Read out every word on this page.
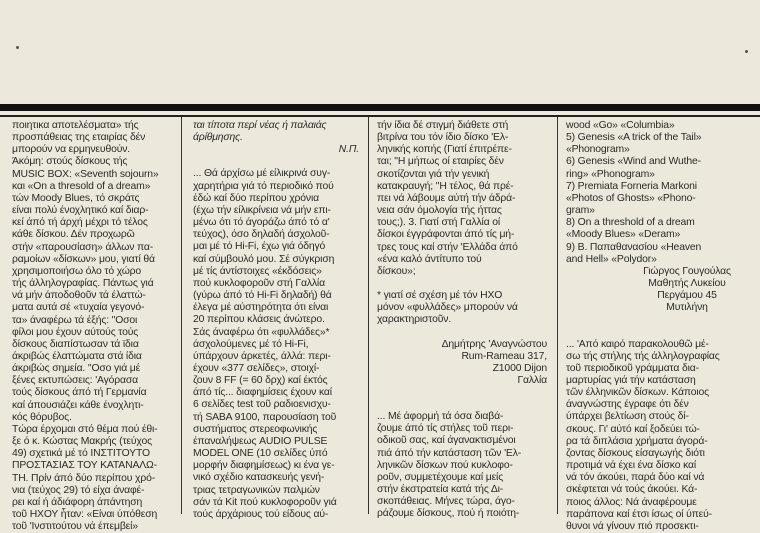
ποιητικα αποτελέσματα» τής

προσπάθειας της εταιρίας δέν

μπορούν να ερμηνευθούν.

Άκόμη: στούς δίσκους τής

MUSIC BOX: «Seventh sojourn»

και «On a thresold of a dream»

τών Moody Blues, τό σκράτς

είναι πολύ ένοχλητικό καί διαρ-

κεί άπό τή άρχή μέχρι τό τέλος

κάθε δίσκου. Δέν προχωρῶ

στήν «παρουσίαση» άλλων πα-

ραμοίων «δίσκων» μου, γιατί θά

χρησιμοποιήσω όλο τό χώρο

τής άλληλογραφίας. Πάντως γιά

νά μήν άποδοθοῦν τά έλαττώ-

ματα αυτά σέ «τυχαία γεγονό-

τα» άναφέρω τά έξής: "Οσοι

φίλοι μου έχουν αύτούς τούς

δίσκους διαπίστωσαν τά ϊδια

άκριβώς έλαττώματα στά ίδια

άκριβώς σημεία. "Οσο γιά μέ

ξένες εκτυπώσεις: 'Αγόρασα

τούς δίσκους άπό τή Γερμανία

καί άπουσιάζει κάθε ένοχλητι-

κός θόρυβος.

Τώρα έρχομαι στό θέμα πού έθι-

ξε ό κ. Κώστας Μακρής (τεύχος

49) σχετικά μέ τό ΙΝΣΤΙΤΟΥΤΟ

ΠΡΟΣΤΑΣΙΑΣ ΤΟΥ ΚΑΤΑΝΑΛΩ-

ΤΗ. Πρίν άπό δύο περίπου χρό-

νια (τεύχος 29) τό είχα άναφέ-

ρει καί ή άδιάφορη άπάντηση

τοῦ ΗΧΟΥ ἦταν: «Είναι ύπόθεση

τοῦ 'Ινστιτούτου νά έπεμβεί»

ται τίποτα περί νέας ή παλαιάς

άρίθμησης.

Ν.Π.

... Θά άρχίσω μέ είλικρινά συγ-

χαρητήρια γιά τό περιοδικό πού

έδώ καί δύο περίπου χρόνια

(έχω τήν είλικρίνεια νά μήν επι-

μένω ότι τό άγοράζω άπό τό α'

τεύχος), όσο δηλαδή άσχολοῦ-

μαι μέ τό Hi-Fi, έχω γιά όδηγό

καί σύμβουλό μου. Σέ σύγκριση

μέ τίς άντίστοιχες «έκδόσεις»

πού κυκλοφοροῦν στή Γαλλία

(γύρω άπό τό Hi-Fi δηλαδή) θά

έλεγα μέ αύστηρότητα ότι είναι

20 περίπου κλάσεις άνώτερο.

Σάς άναφέρω ότι «φυλλάδες»*

άσχολούμενες μέ τό Hi-Fi,

ύπάρχουν άρκετές, άλλά: περι-

έχουν «377 σελίδες», στοιχί-

ζουν 8 FF (= 60 δρχ) καί έκτός

άπό τίς... διαφημίσεις έχουν καί

6 σελίδες test τοῦ ραδιοενισχυ-

τή SABA 9100, παρουσίαση τοῦ

συστήματος στερεοφωνικής

έπαναλήψεως AUDIO PULSE

MODEL ONE (10 σελίδες ύπό

μορφήν διαφημίσεως) κι ένα γε-

νικό σχέδιο κατασκευής γενή-

τριας τετραγωνικών παλμών

σάν τά Kit πού κυκλοφοροῦν γιά

τούς άρχάριους τού είδους αύ-

τήν ίδια δέ στιγμή διάθετε στή

βιτρίνα του τόν ίδιο δίσκο 'Ελ-

ληνικής κοπής (Γιατί έπιτρέπε-

ται; "Η μήπως οί εταιρίες δέν

σκοτίζονται γιά τήν γενική

κατακραυγή; "Η τέλος, θά πρέ-

πει νά λάβουμε αύτή τήν άδρά-

νεια σάν όμολογία τής ήττας

τους;). 3. Γιατί στή Γαλλία οί

δίσκοι έγγράφονται άπό τίς μή-

τρες τους καί στήν 'Ελλάδα άπό

«ένα καλό άντίτυπο τού

δίσκου»;

* γιατί σέ σχέση μέ τόν ΗΧΟ

μόνον «φυλλάδες» μπορούν νά

χαρακτηριστοῦν.

Δημήτρης 'Αναγνώστου

Rum-Rameau 317,

Z1000 Dijon

Γαλλία

... Μέ άφορμή τά όσα διαβά-

ζουμε άπό τίς στήλες τοῦ περι-

οδικοῦ σας, καί άγανακτισμένοι

πιά άπό τήν κατάσταση τῶν 'Ελ-

ληνικῶν δίσκων πού κυκλοφο-

ροῦν, συμμετέχουμε καί μείς

στήν έκστρατεία κατά τής Δι-

σκοπάθειας. Μήνες τώρα, άγο-

ράζουμε δίσκους, πού ή ποιότη-

wood «Go» «Columbia»

5) Genesis «A trick of the Tail»

«Phonogram»

6) Genesis «Wind and Wuthe-

ring» «Phonogram»

7) Premiata Forneria Markoni

«Photos of Ghosts» «Phono-

gram»

8) On a threshold of a dream

«Moody Blues» «Deram»

9) B. Παπαθανασίου «Heaven

and Hell» «Polydor»

Γιώργος Γουγούλας

Μαθητής Λυκείου

Περγάμου 45

Μυτιλήνη

... 'Από καιρό παρακολουθῶ μέ-

σω τής στήλης τής άλληλογραφίας

τοῦ περιοδικοῦ γράμματα δια-

μαρτυρίας γιά τήν κατάσταση

τῶν έλληνικῶν δίσκων. Κάποιος

άναγνώστης έγραφε ότι δέν

ύπάρχει βελτίωση στούς δί-

σκους. Γι' αύτό καί ξοδεύει τώ-

ρα τά διπλάσια χρήματα άγορά-

ζοντας δίσκους είσαγωγής διότι

προτιμά νά έχει ένα δίσκο καί

νά τόν άκούει, παρά δύο καί νά

σκέφτεται νά τούς άκούει. Κά-

ποιος άλλος: Νά άναφέρουμε

παράπονα καί έτσι ίσως οί ύπεύ-

θυνοι νά γίνουν πιό προσεκτι-
